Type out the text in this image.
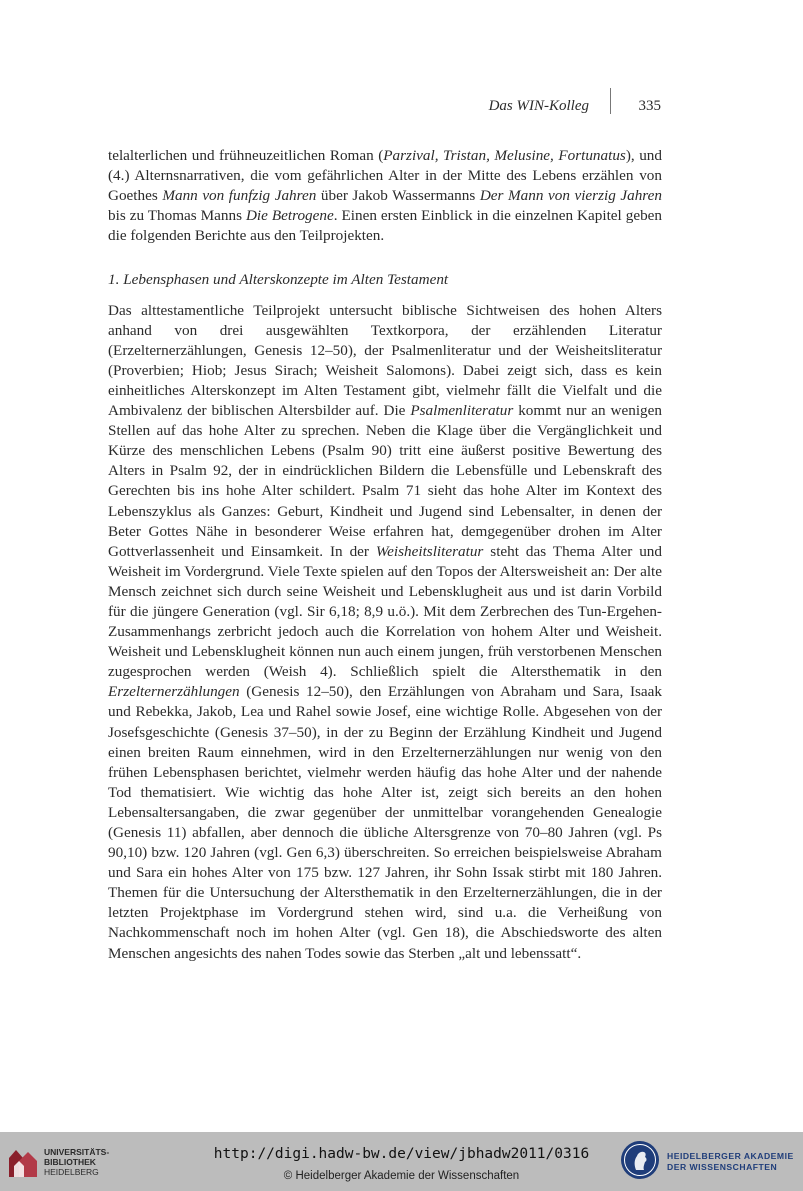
Das WIN-Kolleg	335

telalterlichen und frühneuzeitlichen Roman (Parzival, Tristan, Melusine, Fortunatus), und (4.) Alternsnarrativen, die vom gefährlichen Alter in der Mitte des Lebens erzählen von Goethes Mann von funfzig Jahren über Jakob Wassermanns Der Mann von vierzig Jahren bis zu Thomas Manns Die Betrogene. Einen ersten Einblick in die einzelnen Kapitel geben die folgenden Berichte aus den Teilprojekten.

1. Lebensphasen und Alterskonzepte im Alten Testament

Das alttestamentliche Teilprojekt untersucht biblische Sichtweisen des hohen Alters anhand von drei ausgewählten Textkorpora, der erzählenden Literatur (Erzelternerzählungen, Genesis 12–50), der Psalmenliteratur und der Weisheitsliteratur (Proverbien; Hiob; Jesus Sirach; Weisheit Salomons). Dabei zeigt sich, dass es kein einheitliches Alterskonzept im Alten Testament gibt, vielmehr fällt die Vielfalt und die Ambivalenz der biblischen Altersbilder auf. Die Psalmenliteratur kommt nur an wenigen Stellen auf das hohe Alter zu sprechen. Neben die Klage über die Vergänglichkeit und Kürze des menschlichen Lebens (Psalm 90) tritt eine äußerst positive Bewertung des Alters in Psalm 92, der in eindrücklichen Bildern die Lebensfülle und Lebenskraft des Gerechten bis ins hohe Alter schildert. Psalm 71 sieht das hohe Alter im Kontext des Lebenszyklus als Ganzes: Geburt, Kindheit und Jugend sind Lebensalter, in denen der Beter Gottes Nähe in besonderer Weise erfahren hat, demgegenüber drohen im Alter Gottverlassenheit und Einsamkeit. In der Weisheitsliteratur steht das Thema Alter und Weisheit im Vordergrund. Viele Texte spielen auf den Topos der Altersweisheit an: Der alte Mensch zeichnet sich durch seine Weisheit und Lebensklugheit aus und ist darin Vorbild für die jüngere Generation (vgl. Sir 6,18; 8,9 u.ö.). Mit dem Zerbrechen des Tun-Ergehen-Zusammenhangs zerbricht jedoch auch die Korrelation von hohem Alter und Weisheit. Weisheit und Lebensklugheit können nun auch einem jungen, früh verstorbenen Menschen zugesprochen werden (Weish 4). Schließlich spielt die Altersthematik in den Erzelternerzählungen (Genesis 12–50), den Erzählungen von Abraham und Sara, Isaak und Rebekka, Jakob, Lea und Rahel sowie Josef, eine wichtige Rolle. Abgesehen von der Josefsgeschichte (Genesis 37–50), in der zu Beginn der Erzählung Kindheit und Jugend einen breiten Raum einnehmen, wird in den Erzelternerzählungen nur wenig von den frühen Lebensphasen berichtet, vielmehr werden häufig das hohe Alter und der nahende Tod thematisiert. Wie wichtig das hohe Alter ist, zeigt sich bereits an den hohen Lebensaltersangaben, die zwar gegenüber der unmittelbar vorangehenden Genealogie (Genesis 11) abfallen, aber dennoch die übliche Altersgrenze von 70–80 Jahren (vgl. Ps 90,10) bzw. 120 Jahren (vgl. Gen 6,3) überschreiten. So erreichen beispielsweise Abraham und Sara ein hohes Alter von 175 bzw. 127 Jahren, ihr Sohn Issak stirbt mit 180 Jahren. Themen für die Untersuchung der Altersthematik in den Erzelternerzählungen, die in der letzten Projektphase im Vordergrund stehen wird, sind u.a. die Verheißung von Nachkommenschaft noch im hohen Alter (vgl. Gen 18), die Abschiedsworte des alten Menschen angesichts des nahen Todes sowie das Sterben „alt und lebenssatt“.

UNIVERSITÄTS-
BIBLIOTHEK
HEIDELBERG
http://digi.hadw-bw.de/view/jbhadw2011/0316
© Heidelberger Akademie der Wissenschaften
HEIDELBERGER AKADEMIE
DER WISSENSCHAFTEN
